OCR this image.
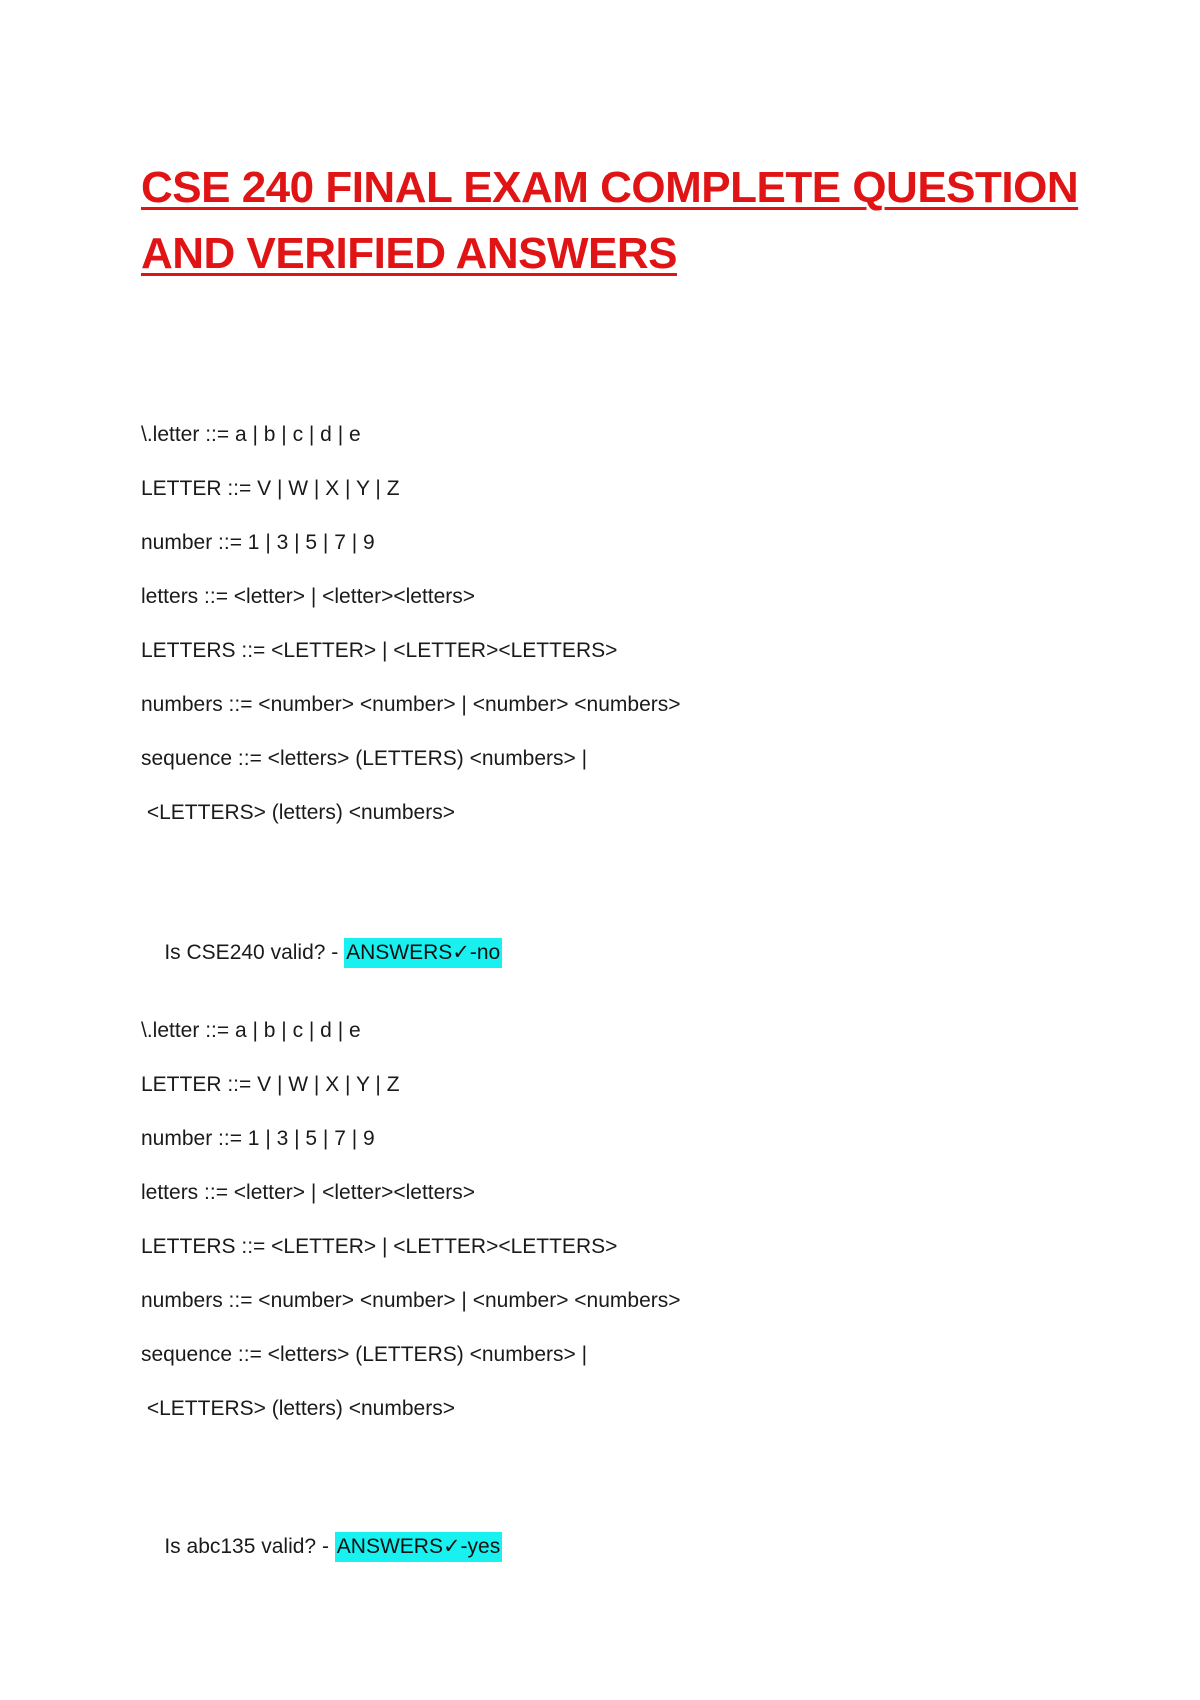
CSE 240 FINAL EXAM COMPLETE QUESTION
AND VERIFIED ANSWERS
\.letter ::= a | b | c | d | e
LETTER ::= V | W | X | Y | Z
number ::= 1 | 3 | 5 | 7 | 9
letters ::= <letter> | <letter><letters>
LETTERS ::= <LETTER> | <LETTER><LETTERS>
numbers ::= <number> <number> | <number> <numbers>
sequence ::= <letters> (LETTERS) <numbers> |
<LETTERS> (letters) <numbers>

Is CSE240 valid? - ANSWERS✓-no

\.letter ::= a | b | c | d | e
LETTER ::= V | W | X | Y | Z
number ::= 1 | 3 | 5 | 7 | 9
letters ::= <letter> | <letter><letters>
LETTERS ::= <LETTER> | <LETTER><LETTERS>
numbers ::= <number> <number> | <number> <numbers>
sequence ::= <letters> (LETTERS) <numbers> |
<LETTERS> (letters) <numbers>

Is abc135 valid? - ANSWERS✓-yes
